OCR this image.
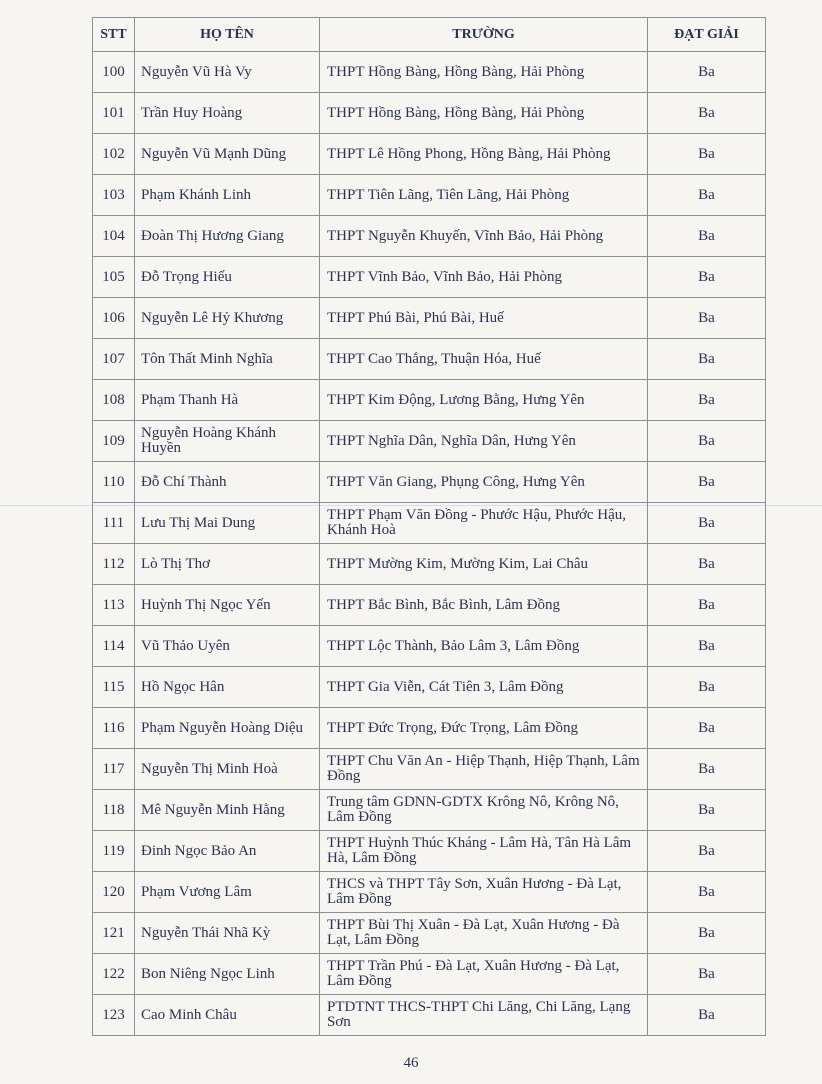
STT	HỌ TÊN	TRƯỜNG	ĐẠT GIẢI
100	Nguyễn Vũ Hà Vy	THPT Hồng Bàng, Hồng Bàng, Hải Phòng	Ba
101	Trần Huy Hoàng	THPT Hồng Bàng, Hồng Bàng, Hải Phòng	Ba
102	Nguyễn Vũ Mạnh Dũng	THPT Lê Hồng Phong, Hồng Bàng, Hải Phòng	Ba
103	Phạm Khánh Linh	THPT Tiên Lãng, Tiên Lãng, Hải Phòng	Ba
104	Đoàn Thị Hương Giang	THPT Nguyễn Khuyến, Vĩnh Bảo, Hải Phòng	Ba
105	Đỗ Trọng Hiếu	THPT Vĩnh Bảo, Vĩnh Bảo, Hải Phòng	Ba
106	Nguyễn Lê Hỷ Khương	THPT Phú Bài, Phú Bài, Huế	Ba
107	Tôn Thất Minh Nghĩa	THPT Cao Thắng, Thuận Hóa, Huế	Ba
108	Phạm Thanh Hà	THPT Kim Động, Lương Bằng, Hưng Yên	Ba
109	Nguyễn Hoàng Khánh Huyền	THPT Nghĩa Dân, Nghĩa Dân, Hưng Yên	Ba
110	Đỗ Chí Thành	THPT Văn Giang, Phụng Công, Hưng Yên	Ba
111	Lưu Thị Mai Dung	THPT Phạm Văn Đồng - Phước Hậu, Phước Hậu, Khánh Hoà	Ba
112	Lò Thị Thơ	THPT Mường Kim, Mường Kim, Lai Châu	Ba
113	Huỳnh Thị Ngọc Yến	THPT Bắc Bình, Bắc Bình, Lâm Đồng	Ba
114	Vũ Thảo Uyên	THPT Lộc Thành, Bảo Lâm 3, Lâm Đồng	Ba
115	Hồ Ngọc Hân	THPT Gia Viễn, Cát Tiên 3, Lâm Đồng	Ba
116	Phạm Nguyễn Hoàng Diệu	THPT Đức Trọng, Đức Trọng, Lâm Đồng	Ba
117	Nguyễn Thị Minh Hoà	THPT Chu Văn An - Hiệp Thạnh, Hiệp Thạnh, Lâm Đồng	Ba
118	Mê Nguyễn Minh Hằng	Trung tâm GDNN-GDTX Krông Nô, Krông Nô, Lâm Đồng	Ba
119	Đinh Ngọc Bảo An	THPT Huỳnh Thúc Kháng - Lâm Hà, Tân Hà Lâm Hà, Lâm Đồng	Ba
120	Phạm Vương Lâm	THCS và THPT Tây Sơn, Xuân Hương - Đà Lạt, Lâm Đồng	Ba
121	Nguyễn Thái Nhã Kỳ	THPT Bùi Thị Xuân - Đà Lạt, Xuân Hương - Đà Lạt, Lâm Đồng	Ba
122	Bon Niêng Ngọc Linh	THPT Trần Phú - Đà Lạt, Xuân Hương - Đà Lạt, Lâm Đồng	Ba
123	Cao Minh Châu	PTDTNT THCS-THPT Chi Lăng, Chi Lăng, Lạng Sơn	Ba
46
